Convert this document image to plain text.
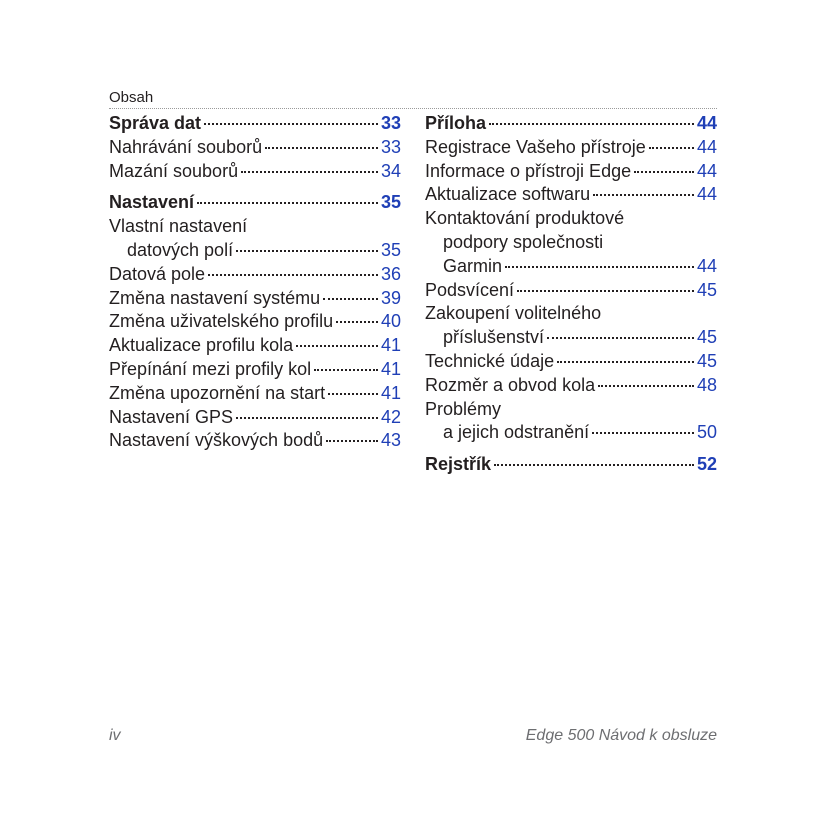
Obsah
Správa dat	33
Nahrávání souborů	33
Mazání souborů	34
Nastavení	35
Vlastní nastavení
datových polí	35
Datová pole	36
Změna nastavení systému	39
Změna uživatelského profilu	40
Aktualizace profilu kola	41
Přepínání mezi profily kol	41
Změna upozornění na start	41
Nastavení GPS	42
Nastavení výškových bodů	43
Příloha	44
Registrace Vašeho přístroje	44
Informace o přístroji Edge	44
Aktualizace softwaru	44
Kontaktování produktové
podpory společnosti
Garmin	44
Podsvícení	45
Zakoupení volitelného
příslušenství	45
Technické údaje	45
Rozměr a obvod kola	48
Problémy
a jejich odstranění	50
Rejstřík	52
iv	Edge 500 Návod k obsluze
